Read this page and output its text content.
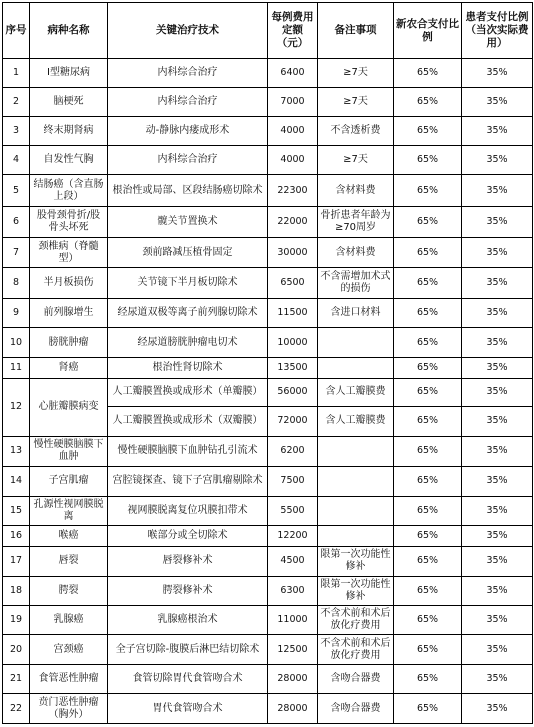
序号	病种名称	关键治疗技术	每例费用定额（元）	备注事项	新农合支付比例	患者支付比例（当次实际费用）
1	Ⅰ型糖尿病	内科综合治疗	6400	≥7天	65%	35%
2	脑梗死	内科综合治疗	7000	≥7天	65%	35%
3	终末期肾病	动-静脉内瘘成形术	4000	不含透析费	65%	35%
4	自发性气胸	内科综合治疗	4000	≥7天	65%	35%
5	结肠癌（含直肠上段）	根治性或局部、区段结肠癌切除术	22300	含材料费	65%	35%
6	股骨颈骨折/股骨头坏死	髋关节置换术	22000	骨折患者年龄为≥70周岁	65%	35%
7	颈椎病（脊髓型）	颈前路减压植骨固定	30000	含材料费	65%	35%
8	半月板损伤	关节镜下半月板切除术	6500	不含需增加术式的损伤	65%	35%
9	前列腺增生	经尿道双极等离子前列腺切除术	11500	含进口材料	65%	35%
10	膀胱肿瘤	经尿道膀胱肿瘤电切术	10000		65%	35%
11	肾癌	根治性肾切除术	13500		65%	35%
12	心脏瓣膜病变	人工瓣膜置换或成形术（单瓣膜）	56000	含人工瓣膜费	65%	35%
		人工瓣膜置换或成形术（双瓣膜）	72000	含人工瓣膜费	65%	35%
13	慢性硬膜脑膜下血肿	慢性硬膜脑膜下血肿钻孔引流术	6200		65%	35%
14	子宫肌瘤	宫腔镜探查、镜下子宫肌瘤剔除术	7500		65%	35%
15	孔源性视网膜脱离	视网膜脱离复位巩膜扣带术	5500		65%	35%
16	喉癌	喉部分或全切除术	12200		65%	35%
17	唇裂	唇裂修补术	4500	限第一次功能性修补	65%	35%
18	腭裂	腭裂修补术	6300	限第一次功能性修补	65%	35%
19	乳腺癌	乳腺癌根治术	11000	不含术前和术后放化疗费用	65%	35%
20	宫颈癌	全子宫切除-腹膜后淋巴结切除术	12500	不含术前和术后放化疗费用	65%	35%
21	食管恶性肿瘤	食管切除胃代食管吻合术	28000	含吻合器费	65%	35%
22	贲门恶性肿瘤（胸外）	胃代食管吻合术	28000	含吻合器费	65%	35%
